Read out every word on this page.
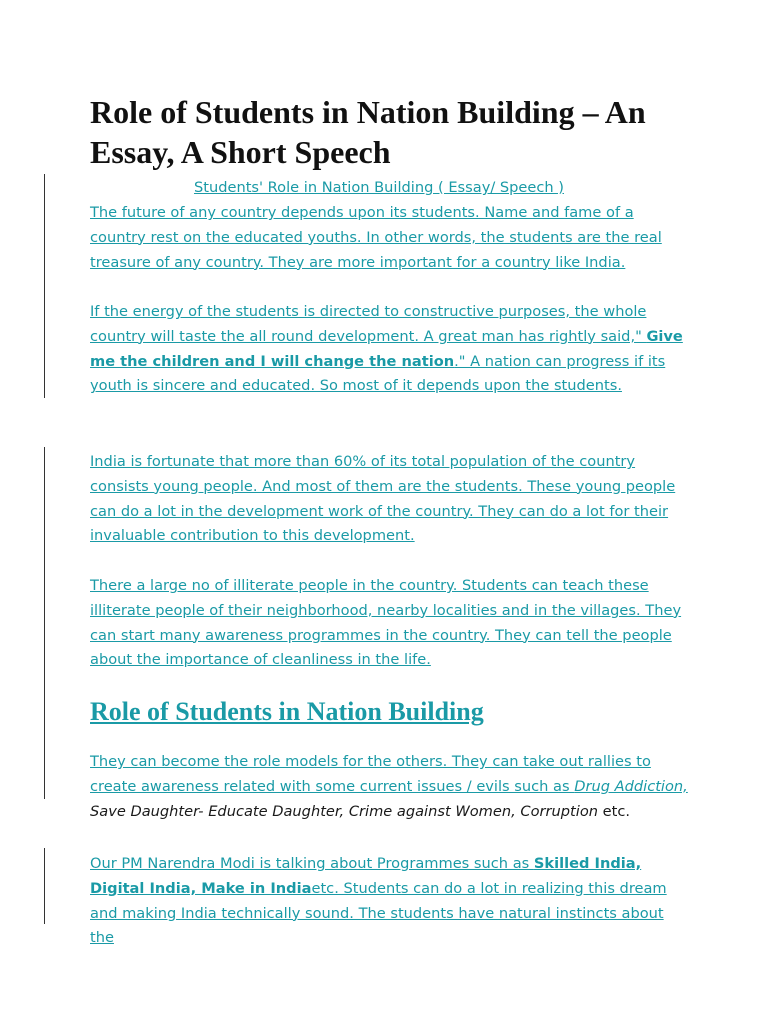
Role of Students in Nation Building – An Essay, A Short Speech
Students' Role in Nation Building ( Essay/ Speech )
The future of any country depends upon its students. Name and fame of a country rest on the educated youths. In other words, the students are the real treasure of any country. They are more important for a country like India.
If the energy of the students is directed to constructive purposes, the whole country will taste the all round development. A great man has rightly said," Give me the children and I will change the nation." A nation can progress if its youth is sincere and educated. So most of it depends upon the students.
India is fortunate that more than 60% of its total population of the country consists young people. And most of them are the students. These young people can do a lot in the development work of the country. They can do a lot for their invaluable contribution to this development.
There a large no of illiterate people in the country. Students can teach these illiterate people of their neighborhood, nearby localities and in the villages. They can start many awareness programmes in the country. They can tell the people about the importance of cleanliness in the life.
Role of Students in Nation Building
They can become the role models for the others. They can take out rallies to create awareness related with some current issues / evils such as Drug Addiction,
Save Daughter- Educate Daughter, Crime against Women, Corruption etc.
Our PM Narendra Modi is talking about Programmes such as Skilled India, Digital India, Make in Indiaetc. Students can do a lot in realizing this dream and making India technically sound. The students have natural instincts about the
